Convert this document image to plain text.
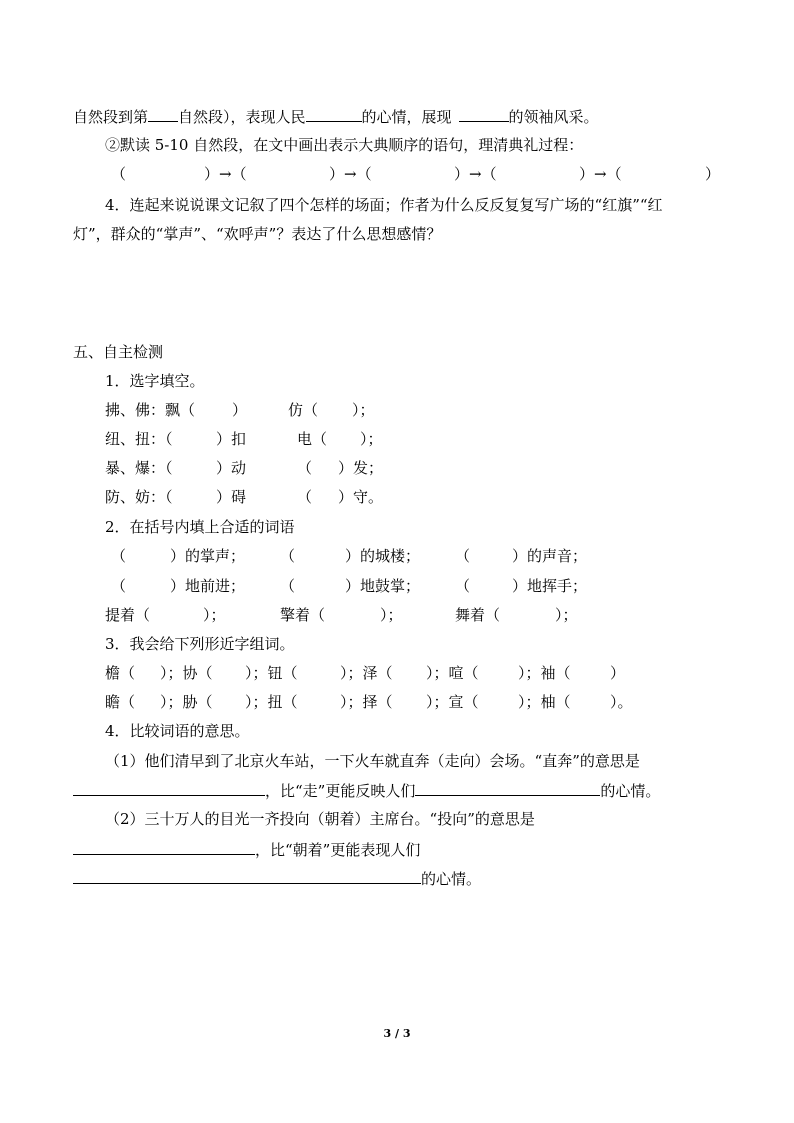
自然段到第 自然段），表现人民	的心情，展现	的领袖风采。
②默读 5-10 自然段，在文中画出表示大典顺序的语句，理清典礼过程：
（	）→（	）→（	）→（	）→（	）
4．连起来说说课文记叙了四个怎样的场面；作者为什么反反复复写广场的“红旗”“红
灯”，群众的“掌声”、“欢呼声”？表达了什么思想感情？
五、自主检测
1．选字填空。
拂、佛：飘（ ）	仿（ ）；
纽、扭：（	）扣	电（ ）；
暴、爆：（	）动	（ ）发；
防、妨：（	）碍	（ ）守。
2．在括号内填上合适的词语
（	）的掌声； （	）的城楼； （	）的声音；
（	）地前进； （	）地鼓掌； （	）地挥手；
提着（	）；	擎着（	）；	舞着（	）；
3．我会给下列形近字组词。
檐（ ）；协（ ）；钮（	）；泽（ ）；喧（	）；袖（	）
瞻（ ）；胁（ ）；扭（	）；择（ ）；宣（	）；柚（	）。
4．比较词语的意思。
（1）他们清早到了北京火车站，一下火车就直奔（走向）会场。“直奔”的意思是
，比“走”更能反映人们	的心情。
（2）三十万人的目光一齐投向（朝着）主席台。“投向”的意思是
，比“朝着”更能表现人们
的心情。
3 / 3
